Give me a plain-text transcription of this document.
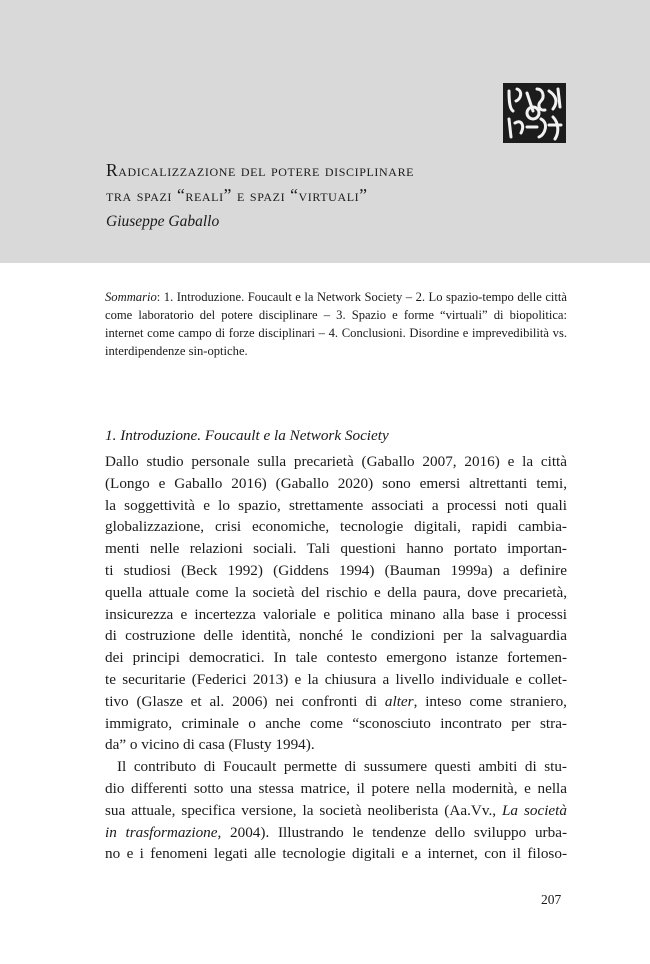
Radicalizzazione del potere disciplinare
tra spazi “reali” e spazi “virtuali”
Giuseppe Gaballo
Sommario: 1. Introduzione. Foucault e la Network Society – 2. Lo spazio-tempo delle città come laboratorio del potere disciplinare – 3. Spazio e forme “virtuali” di biopolitica: internet come campo di forze disciplinari – 4. Conclusioni. Disordine e imprevedibilità vs. interdipendenze sin-optiche.
1. Introduzione. Foucault e la Network Society
Dallo studio personale sulla precarietà (Gaballo 2007, 2016) e la città
(Longo e Gaballo 2016) (Gaballo 2020) sono emersi altrettanti temi,
la soggettività e lo spazio, strettamente associati a processi noti quali
globalizzazione, crisi economiche, tecnologie digitali, rapidi cambia-
menti nelle relazioni sociali. Tali questioni hanno portato importan-
ti studiosi (Beck 1992) (Giddens 1994) (Bauman 1999a) a definire
quella attuale come la società del rischio e della paura, dove precarietà,
insicurezza e incertezza valoriale e politica minano alla base i processi
di costruzione delle identità, nonché le condizioni per la salvaguardia
dei principi democratici. In tale contesto emergono istanze fortemen-
te securitarie (Federici 2013) e la chiusura a livello individuale e collet-
tivo (Glasze et al. 2006) nei confronti di alter, inteso come straniero,
immigrato, criminale o anche come “sconosciuto incontrato per stra-
da” o vicino di casa (Flusty 1994).
Il contributo di Foucault permette di sussumere questi ambiti di stu-
dio differenti sotto una stessa matrice, il potere nella modernità, e nella
sua attuale, specifica versione, la società neoliberista (Aa.Vv., La società
in trasformazione, 2004). Illustrando le tendenze dello sviluppo urba-
no e i fenomeni legati alle tecnologie digitali e a internet, con il filoso-
207
